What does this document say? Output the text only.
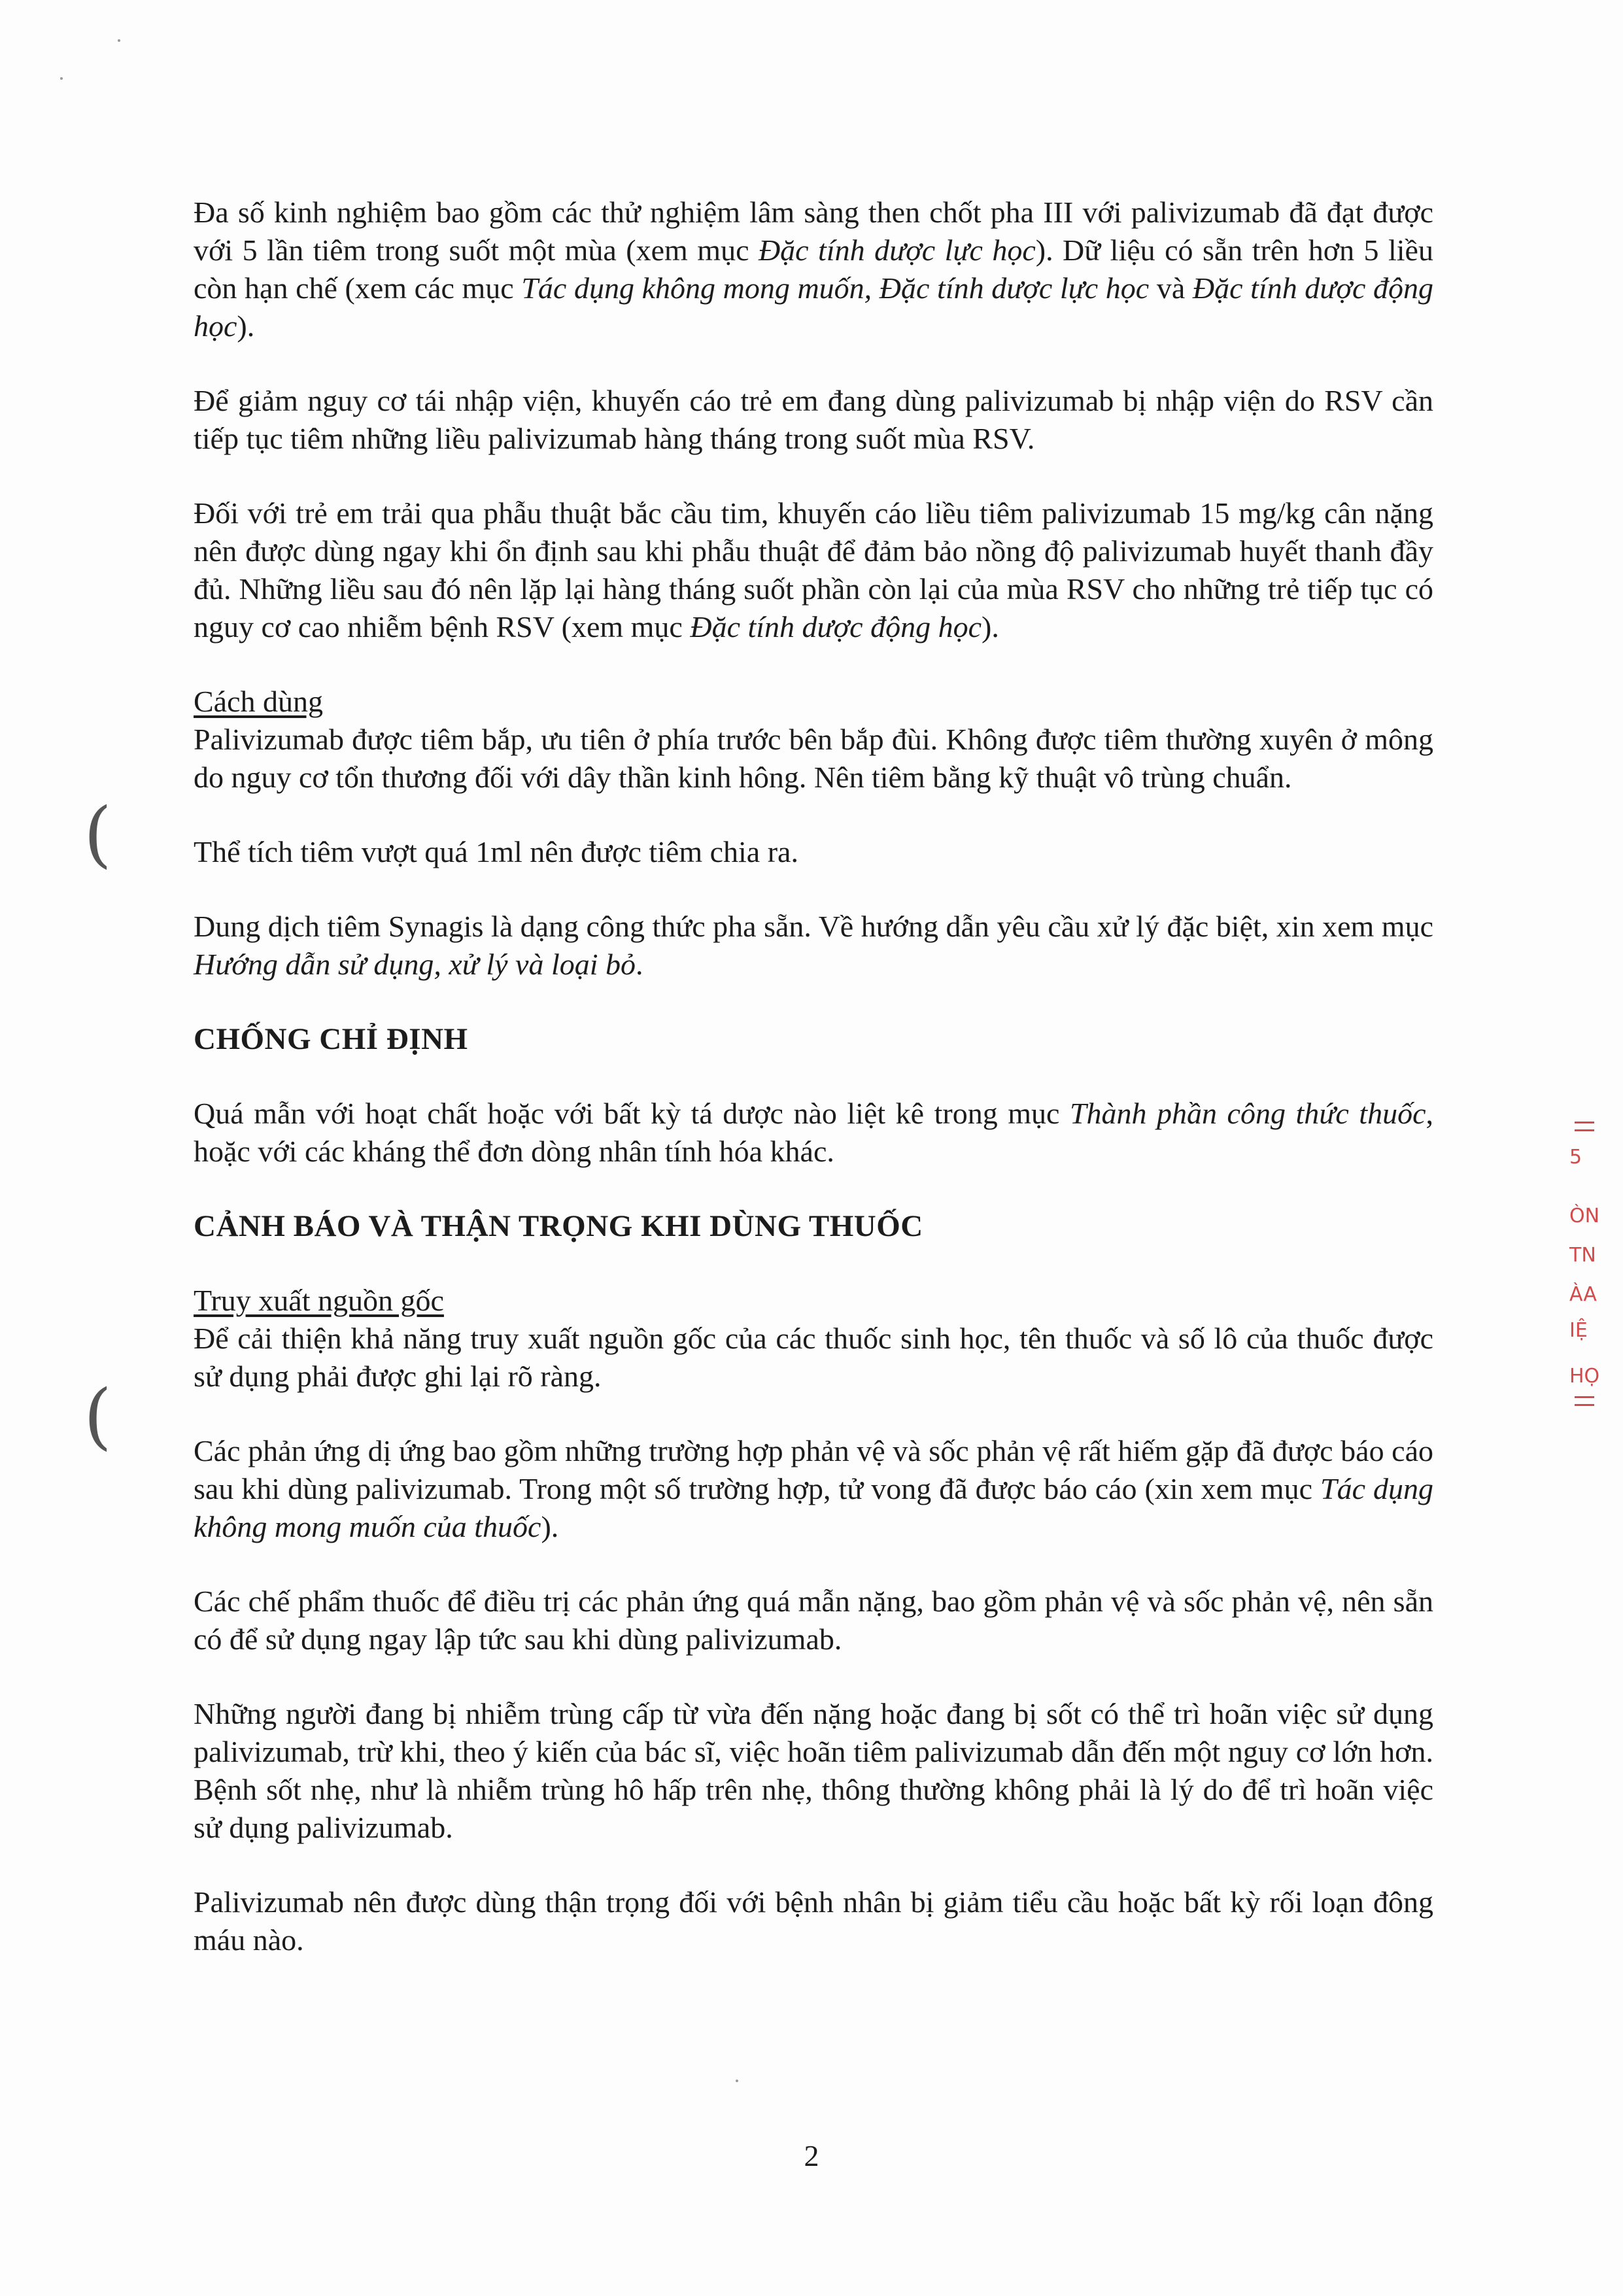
Đa số kinh nghiệm bao gồm các thử nghiệm lâm sàng then chốt pha III với palivizumab đã đạt được với 5 lần tiêm trong suốt một mùa (xem mục Đặc tính dược lực học). Dữ liệu có sẵn trên hơn 5 liều còn hạn chế (xem các mục Tác dụng không mong muốn, Đặc tính dược lực học và Đặc tính dược động học).

Để giảm nguy cơ tái nhập viện, khuyến cáo trẻ em đang dùng palivizumab bị nhập viện do RSV cần tiếp tục tiêm những liều palivizumab hàng tháng trong suốt mùa RSV.

Đối với trẻ em trải qua phẫu thuật bắc cầu tim, khuyến cáo liều tiêm palivizumab 15 mg/kg cân nặng nên được dùng ngay khi ổn định sau khi phẫu thuật để đảm bảo nồng độ palivizumab huyết thanh đầy đủ. Những liều sau đó nên lặp lại hàng tháng suốt phần còn lại của mùa RSV cho những trẻ tiếp tục có nguy cơ cao nhiễm bệnh RSV (xem mục Đặc tính dược động học).

Cách dùng

Palivizumab được tiêm bắp, ưu tiên ở phía trước bên bắp đùi. Không được tiêm thường xuyên ở mông do nguy cơ tổn thương đối với dây thần kinh hông. Nên tiêm bằng kỹ thuật vô trùng chuẩn.

Thể tích tiêm vượt quá 1ml nên được tiêm chia ra.

Dung dịch tiêm Synagis là dạng công thức pha sẵn. Về hướng dẫn yêu cầu xử lý đặc biệt, xin xem mục Hướng dẫn sử dụng, xử lý và loại bỏ.

CHỐNG CHỈ ĐỊNH

Quá mẫn với hoạt chất hoặc với bất kỳ tá dược nào liệt kê trong mục Thành phần công thức thuốc, hoặc với các kháng thể đơn dòng nhân tính hóa khác.

CẢNH BÁO VÀ THẬN TRỌNG KHI DÙNG THUỐC

Truy xuất nguồn gốc

Để cải thiện khả năng truy xuất nguồn gốc của các thuốc sinh học, tên thuốc và số lô của thuốc được sử dụng phải được ghi lại rõ ràng.

Các phản ứng dị ứng bao gồm những trường hợp phản vệ và sốc phản vệ rất hiếm gặp đã được báo cáo sau khi dùng palivizumab. Trong một số trường hợp, tử vong đã được báo cáo (xin xem mục Tác dụng không mong muốn của thuốc).

Các chế phẩm thuốc để điều trị các phản ứng quá mẫn nặng, bao gồm phản vệ và sốc phản vệ, nên sẵn có để sử dụng ngay lập tức sau khi dùng palivizumab.

Những người đang bị nhiễm trùng cấp từ vừa đến nặng hoặc đang bị sốt có thể trì hoãn việc sử dụng palivizumab, trừ khi, theo ý kiến của bác sĩ, việc hoãn tiêm palivizumab dẫn đến một nguy cơ lớn hơn. Bệnh sốt nhẹ, như là nhiễm trùng hô hấp trên nhẹ, thông thường không phải là lý do để trì hoãn việc sử dụng palivizumab.

Palivizumab nên được dùng thận trọng đối với bệnh nhân bị giảm tiểu cầu hoặc bất kỳ rối loạn đông máu nào.

2
(
(
5
ÒN
TN
ÀA
IỆ
HỌ
